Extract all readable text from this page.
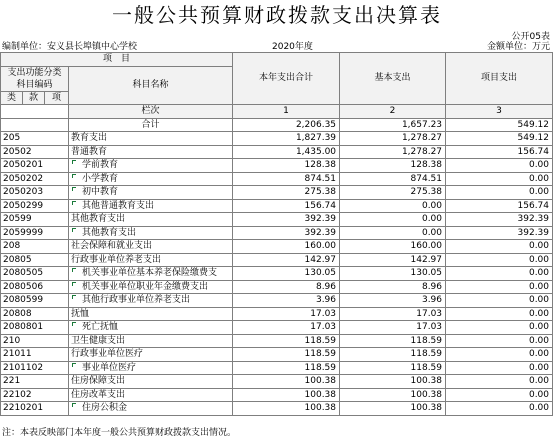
一般公共预算财政拨款支出决算表
公开05表
编制单位：安义县长埠镇中心学校	2020年度	金额单位：万元
项　目				本年支出合计	基本支出	项目支出
支出功能分类
科目编码			科目名称			

类	款	项				
			栏次	1	2	3
			合计	2,206.35	1,657.23	549.12
205			教育支出	1,827.39	1,278.27	549.12
20502			普通教育	1,435.00	1,278.27	156.74
2050201			学前教育	128.38	128.38	0.00
2050202			小学教育	874.51	874.51	0.00
2050203			初中教育	275.38	275.38	0.00
2050299			其他普通教育支出	156.74	0.00	156.74
20599			其他教育支出	392.39	0.00	392.39
2059999			其他教育支出	392.39	0.00	392.39
208			社会保障和就业支出	160.00	160.00	0.00
20805			行政事业单位养老支出	142.97	142.97	0.00
2080505			机关事业单位基本养老保险缴费支	130.05	130.05	0.00
2080506			机关事业单位职业年金缴费支出	8.96	8.96	0.00
2080599			其他行政事业单位养老支出	3.96	3.96	0.00
20808			抚恤	17.03	17.03	0.00
2080801			死亡抚恤	17.03	17.03	0.00
210			卫生健康支出	118.59	118.59	0.00
21011			行政事业单位医疗	118.59	118.59	0.00
2101102			事业单位医疗	118.59	118.59	0.00
221			住房保障支出	100.38	100.38	0.00
22102			住房改革支出	100.38	100.38	0.00
2210201			住房公积金	100.38	100.38	0.00
注：本表反映部门本年度一般公共预算财政拨款支出情况。
